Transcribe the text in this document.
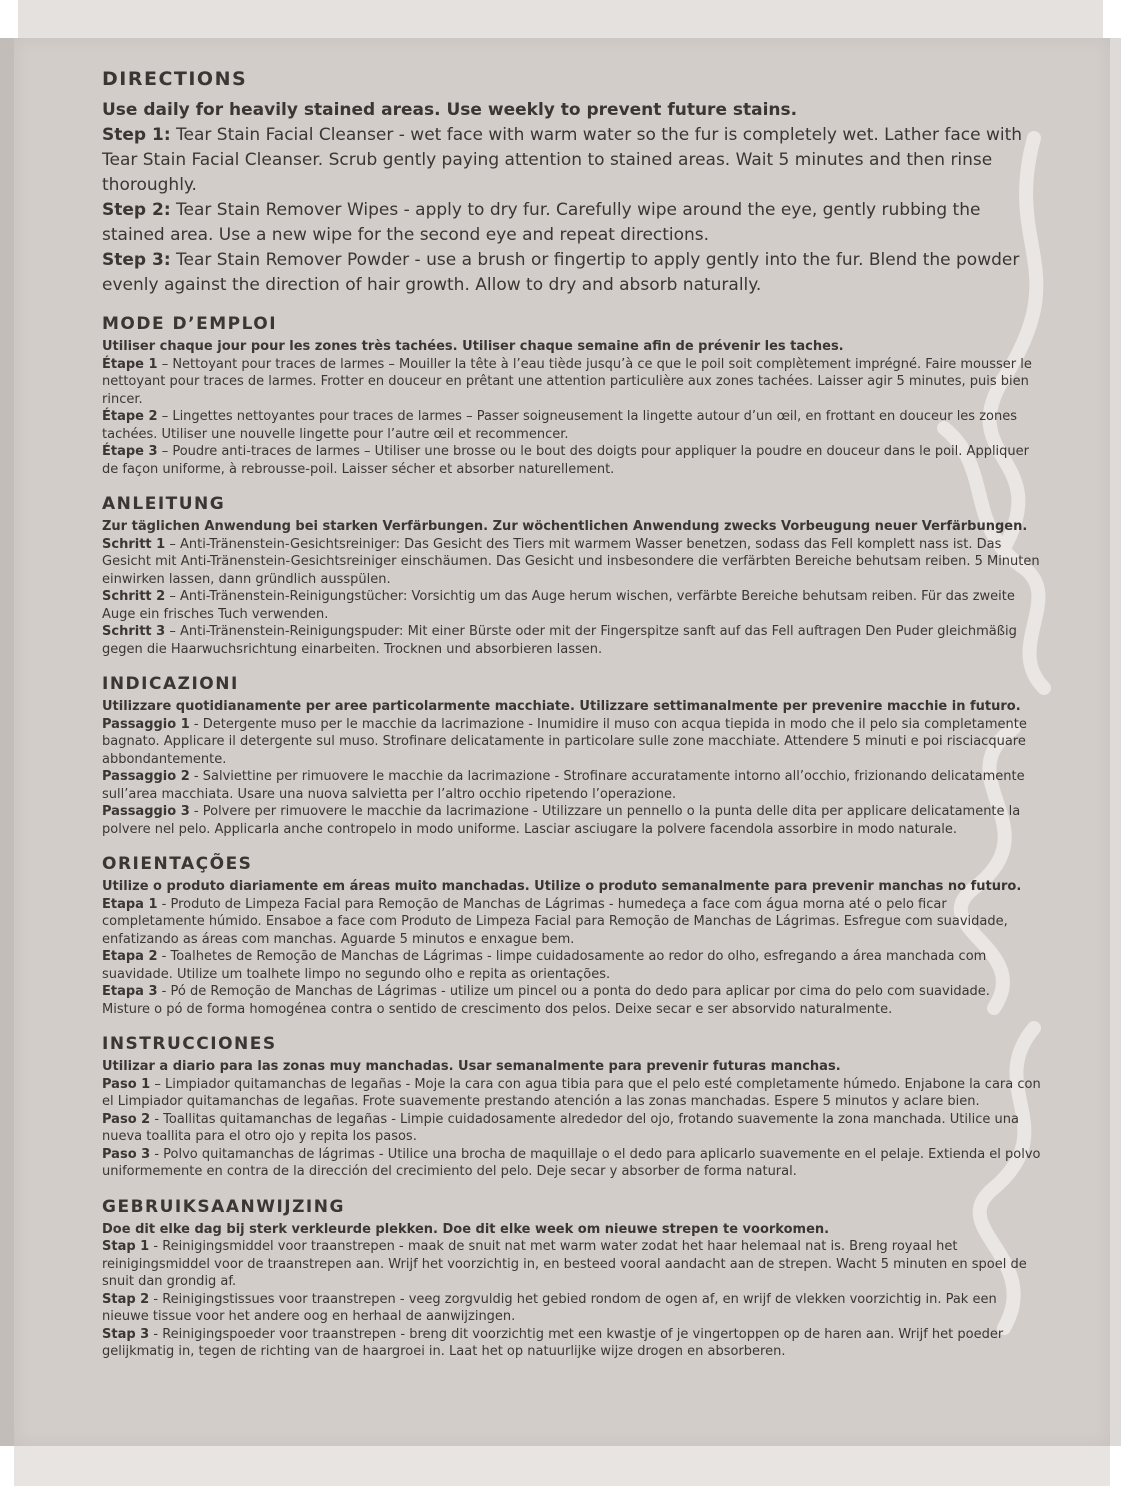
DIRECTIONS

Use daily for heavily stained areas. Use weekly to prevent future stains.

Step 1: Tear Stain Facial Cleanser - wet face with warm water so the fur is completely wet. Lather face with Tear Stain Facial Cleanser. Scrub gently paying attention to stained areas. Wait 5 minutes and then rinse thoroughly.

Step 2: Tear Stain Remover Wipes - apply to dry fur. Carefully wipe around the eye, gently rubbing the stained area. Use a new wipe for the second eye and repeat directions.

Step 3: Tear Stain Remover Powder - use a brush or fingertip to apply gently into the fur. Blend the powder evenly against the direction of hair growth. Allow to dry and absorb naturally.

MODE D’EMPLOI

Utiliser chaque jour pour les zones très tachées. Utiliser chaque semaine afin de prévenir les taches.

Étape 1 – Nettoyant pour traces de larmes – Mouiller la tête à l’eau tiède jusqu’à ce que le poil soit complètement imprégné. Faire mousser le nettoyant pour traces de larmes. Frotter en douceur en prêtant une attention particulière aux zones tachées. Laisser agir 5 minutes, puis bien rincer.

Étape 2 – Lingettes nettoyantes pour traces de larmes – Passer soigneusement la lingette autour d’un œil, en frottant en douceur les zones tachées. Utiliser une nouvelle lingette pour l’autre œil et recommencer.

Étape 3 – Poudre anti-traces de larmes – Utiliser une brosse ou le bout des doigts pour appliquer la poudre en douceur dans le poil. Appliquer de façon uniforme, à rebrousse-poil. Laisser sécher et absorber naturellement.

ANLEITUNG

Zur täglichen Anwendung bei starken Verfärbungen. Zur wöchentlichen Anwendung zwecks Vorbeugung neuer Verfärbungen.

Schritt 1 – Anti-Tränenstein-Gesichtsreiniger: Das Gesicht des Tiers mit warmem Wasser benetzen, sodass das Fell komplett nass ist. Das Gesicht mit Anti-Tränenstein-Gesichtsreiniger einschäumen. Das Gesicht und insbesondere die verfärbten Bereiche behutsam reiben. 5 Minuten einwirken lassen, dann gründlich ausspülen.

Schritt 2 – Anti-Tränenstein-Reinigungstücher: Vorsichtig um das Auge herum wischen, verfärbte Bereiche behutsam reiben. Für das zweite Auge ein frisches Tuch verwenden.

Schritt 3 – Anti-Tränenstein-Reinigungspuder: Mit einer Bürste oder mit der Fingerspitze sanft auf das Fell auftragen Den Puder gleichmäßig gegen die Haarwuchsrichtung einarbeiten. Trocknen und absorbieren lassen.

INDICAZIONI

Utilizzare quotidianamente per aree particolarmente macchiate. Utilizzare settimanalmente per prevenire macchie in futuro.

Passaggio 1 - Detergente muso per le macchie da lacrimazione - Inumidire il muso con acqua tiepida in modo che il pelo sia completamente bagnato. Applicare il detergente sul muso. Strofinare delicatamente in particolare sulle zone macchiate. Attendere 5 minuti e poi risciacquare abbondantemente.

Passaggio 2 - Salviettine per rimuovere le macchie da lacrimazione - Strofinare accuratamente intorno all’occhio, frizionando delicatamente sull’area macchiata. Usare una nuova salvietta per l’altro occhio ripetendo l’operazione.

Passaggio 3 - Polvere per rimuovere le macchie da lacrimazione - Utilizzare un pennello o la punta delle dita per applicare delicatamente la polvere nel pelo. Applicarla anche contropelo in modo uniforme. Lasciar asciugare la polvere facendola assorbire in modo naturale.

ORIENTAÇÕES

Utilize o produto diariamente em áreas muito manchadas. Utilize o produto semanalmente para prevenir manchas no futuro.

Etapa 1 - Produto de Limpeza Facial para Remoção de Manchas de Lágrimas - humedeça a face com água morna até o pelo ficar completamente húmido. Ensaboe a face com Produto de Limpeza Facial para Remoção de Manchas de Lágrimas. Esfregue com suavidade, enfatizando as áreas com manchas. Aguarde 5 minutos e enxague bem.

Etapa 2 - Toalhetes de Remoção de Manchas de Lágrimas - limpe cuidadosamente ao redor do olho, esfregando a área manchada com suavidade. Utilize um toalhete limpo no segundo olho e repita as orientações.

Etapa 3 - Pó de Remoção de Manchas de Lágrimas - utilize um pincel ou a ponta do dedo para aplicar por cima do pelo com suavidade. Misture o pó de forma homogénea contra o sentido de crescimento dos pelos. Deixe secar e ser absorvido naturalmente.

INSTRUCCIONES

Utilizar a diario para las zonas muy manchadas. Usar semanalmente para prevenir futuras manchas.

Paso 1 – Limpiador quitamanchas de legañas - Moje la cara con agua tibia para que el pelo esté completamente húmedo. Enjabone la cara con el Limpiador quitamanchas de legañas. Frote suavemente prestando atención a las zonas manchadas. Espere 5 minutos y aclare bien.

Paso 2 - Toallitas quitamanchas de legañas - Limpie cuidadosamente alrededor del ojo, frotando suavemente la zona manchada. Utilice una nueva toallita para el otro ojo y repita los pasos.

Paso 3 - Polvo quitamanchas de lágrimas - Utilice una brocha de maquillaje o el dedo para aplicarlo suavemente en el pelaje. Extienda el polvo uniformemente en contra de la dirección del crecimiento del pelo. Deje secar y absorber de forma natural.

GEBRUIKSAANWIJZING

Doe dit elke dag bij sterk verkleurde plekken. Doe dit elke week om nieuwe strepen te voorkomen.

Stap 1 - Reinigingsmiddel voor traanstrepen - maak de snuit nat met warm water zodat het haar helemaal nat is. Breng royaal het reinigingsmiddel voor de traanstrepen aan. Wrijf het voorzichtig in, en besteed vooral aandacht aan de strepen. Wacht 5 minuten en spoel de snuit dan grondig af.

Stap 2 - Reinigingstissues voor traanstrepen - veeg zorgvuldig het gebied rondom de ogen af, en wrijf de vlekken voorzichtig in. Pak een nieuwe tissue voor het andere oog en herhaal de aanwijzingen.

Stap 3 - Reinigingspoeder voor traanstrepen - breng dit voorzichtig met een kwastje of je vingertoppen op de haren aan. Wrijf het poeder gelijkmatig in, tegen de richting van de haargroei in. Laat het op natuurlijke wijze drogen en absorberen.
